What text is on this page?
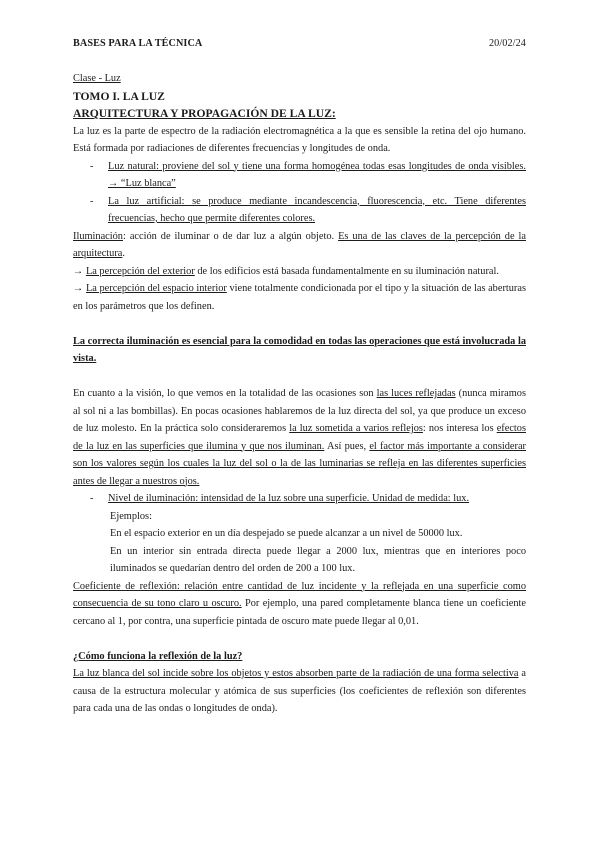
BASES PARA LA TÉCNICA	20/02/24

Clase - Luz

TOMO I. LA LUZ

ARQUITECTURA Y PROPAGACIÓN DE LA LUZ:

La luz es la parte de espectro de la radiación electromagnética a la que es sensible la retina del ojo humano. Está formada por radiaciones de diferentes frecuencias y longitudes de onda.

-	Luz natural: proviene del sol y tiene una forma homogénea todas esas longitudes de onda visibles. → “Luz blanca”
-	La luz artificial: se produce mediante incandescencia, fluorescencia, etc. Tiene diferentes frecuencias, hecho que permite diferentes colores.

Iluminación: acción de iluminar o de dar luz a algún objeto. Es una de las claves de la percepción de la arquitectura.

→ La percepción del exterior de los edificios está basada fundamentalmente en su iluminación natural.

→ La percepción del espacio interior viene totalmente condicionada por el tipo y la situación de las aberturas en los parámetros que los definen.

La correcta iluminación es esencial para la comodidad en todas las operaciones que está involucrada la vista.

En cuanto a la visión, lo que vemos en la totalidad de las ocasiones son las luces reflejadas (nunca miramos al sol ni a las bombillas). En pocas ocasiones hablaremos de la luz directa del sol, ya que produce un exceso de luz molesto. En la práctica solo consideraremos la luz sometida a varios reflejos: nos interesa los efectos de la luz en las superficies que ilumina y que nos iluminan. Así pues, el factor más importante a considerar son los valores según los cuales la luz del sol o la de las luminarias se refleja en las diferentes superficies antes de llegar a nuestros ojos.

-	Nivel de iluminación: intensidad de la luz sobre una superficie. Unidad de medida: lux.

Ejemplos:

En el espacio exterior en un día despejado se puede alcanzar a un nivel de 50000 lux.

En un interior sin entrada directa puede llegar a 2000 lux, mientras que en interiores poco iluminados se quedarían dentro del orden de 200 a 100 lux.

Coeficiente de reflexión: relación entre cantidad de luz incidente y la reflejada en una superficie como consecuencia de su tono claro u oscuro. Por ejemplo, una pared completamente blanca tiene un coeficiente cercano al 1, por contra, una superficie pintada de oscuro mate puede llegar al 0,01.

¿Cómo funciona la reflexión de la luz?

La luz blanca del sol incide sobre los objetos y estos absorben parte de la radiación de una forma selectiva a causa de la estructura molecular y atómica de sus superficies (los coeficientes de reflexión son diferentes para cada una de las ondas o longitudes de onda).
